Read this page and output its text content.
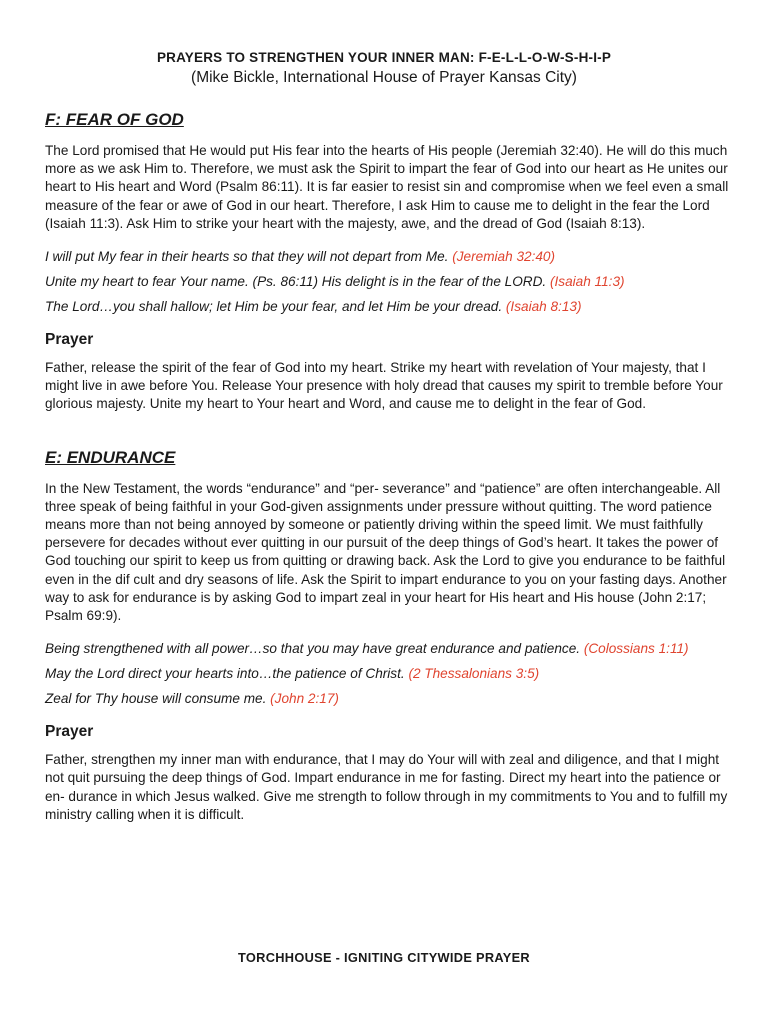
PRAYERS TO STRENGTHEN YOUR INNER MAN: F-E-L-L-O-W-S-H-I-P

(Mike Bickle, International House of Prayer Kansas City)

F: FEAR OF GOD

The Lord promised that He would put His fear into the hearts of His people (Jeremiah 32:40). He will do this much more as we ask Him to. Therefore, we must ask the Spirit to impart the fear of God into our heart as He unites our heart to His heart and Word (Psalm 86:11). It is far easier to resist sin and compromise when we feel even a small measure of the fear or awe of God in our heart. Therefore, I ask Him to cause me to delight in the fear the Lord (Isaiah 11:3). Ask Him to strike your heart with the majesty, awe, and the dread of God (Isaiah 8:13).

I will put My fear in their hearts so that they will not depart from Me. (Jeremiah 32:40)

Unite my heart to fear Your name. (Ps. 86:11) His delight is in the fear of the LORD. (Isaiah 11:3)

The Lord…you shall hallow; let Him be your fear, and let Him be your dread. (Isaiah 8:13)

Prayer

Father, release the spirit of the fear of God into my heart. Strike my heart with revelation of Your majesty, that I might live in awe before You. Release Your presence with holy dread that causes my spirit to tremble before Your glorious majesty. Unite my heart to Your heart and Word, and cause me to delight in the fear of God.

E: ENDURANCE

In the New Testament, the words “endurance” and “per- severance” and “patience” are often interchangeable. All three speak of being faithful in your God-given assignments under pressure without quitting. The word patience means more than not being annoyed by someone or patiently driving within the speed limit. We must faithfully persevere for decades without ever quitting in our pursuit of the deep things of God’s heart. It takes the power of God touching our spirit to keep us from quitting or drawing back. Ask the Lord to give you endurance to be faithful even in the dif cult and dry seasons of life. Ask the Spirit to impart endurance to you on your fasting days. Another way to ask for endurance is by asking God to impart zeal in your heart for His heart and His house (John 2:17; Psalm 69:9).

Being strengthened with all power…so that you may have great endurance and patience. (Colossians 1:11)

May the Lord direct your hearts into…the patience of Christ. (2 Thessalonians 3:5)

Zeal for Thy house will consume me. (John 2:17)

Prayer

Father, strengthen my inner man with endurance, that I may do Your will with zeal and diligence, and that I might not quit pursuing the deep things of God. Impart endurance in me for fasting. Direct my heart into the patience or en- durance in which Jesus walked. Give me strength to follow through in my commitments to You and to fulfill my ministry calling when it is difficult.

TORCHHOUSE - IGNITING CITYWIDE PRAYER
